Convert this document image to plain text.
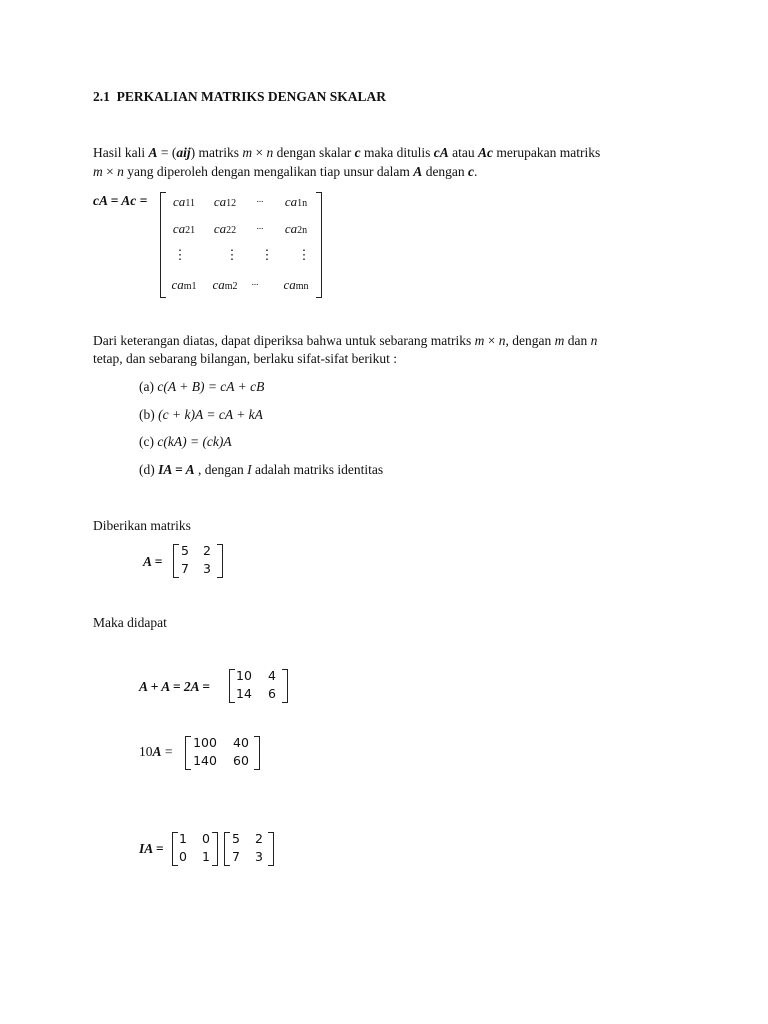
2.1 PERKALIAN MATRIKS DENGAN SKALAR
Hasil kali A = (aij) matriks m × n dengan skalar c maka ditulis cA atau Ac merupakan matriks
m × n yang diperoleh dengan mengalikan tiap unsur dalam A dengan c.
cA = Ac =	ca11	ca12	...	ca1n
ca21	ca22	...	ca2n
⋮	⋮	⋮	⋮
cam1	cam2	...	camn
Dari keterangan diatas, dapat diperiksa bahwa untuk sebarang matriks m × n, dengan m dan n
tetap, dan sebarang bilangan, berlaku sifat-sifat berikut :
(a) c(A + B) = cA + cB
(b) (c + k)A = cA + kA
(c) c(kA) = (ck)A
(d) IA = A , dengan I adalah matriks identitas
Diberikan matriks
A =
5 2
7 3
Maka didapat
A + A = 2A =
10	4
14	6
10A =
100 40
140 60
IA =
1 0
0 1
5 2
7 3
